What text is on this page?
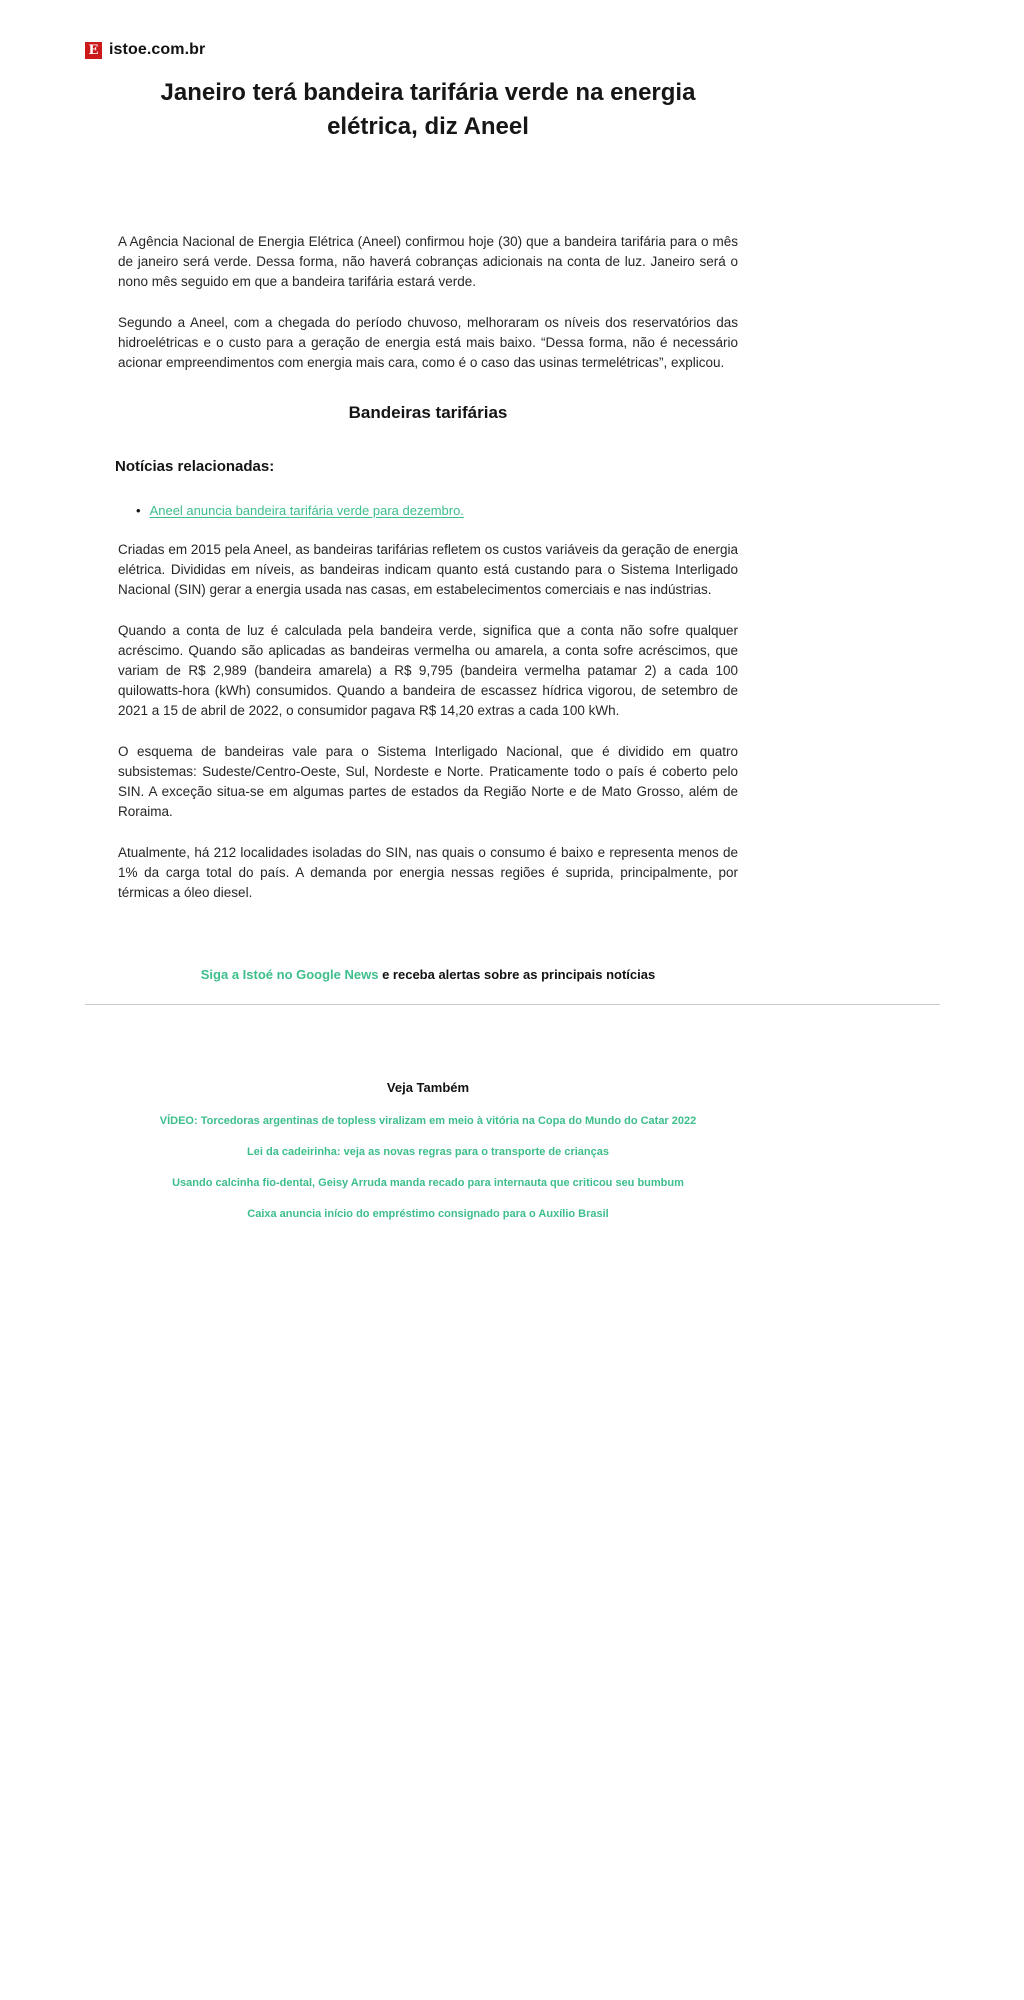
E istoe.com.br
Janeiro terá bandeira tarifária verde na energia elétrica, diz Aneel

A Agência Nacional de Energia Elétrica (Aneel) confirmou hoje (30) que a bandeira tarifária para o mês de janeiro será verde. Dessa forma, não haverá cobranças adicionais na conta de luz. Janeiro será o nono mês seguido em que a bandeira tarifária estará verde.

Segundo a Aneel, com a chegada do período chuvoso, melhoraram os níveis dos reservatórios das hidroelétricas e o custo para a geração de energia está mais baixo. “Dessa forma, não é necessário acionar empreendimentos com energia mais cara, como é o caso das usinas termelétricas”, explicou.

Bandeiras tarifárias
Notícias relacionadas:
• Aneel anuncia bandeira tarifária verde para dezembro.

Criadas em 2015 pela Aneel, as bandeiras tarifárias refletem os custos variáveis da geração de energia elétrica. Divididas em níveis, as bandeiras indicam quanto está custando para o Sistema Interligado Nacional (SIN) gerar a energia usada nas casas, em estabelecimentos comerciais e nas indústrias.

Quando a conta de luz é calculada pela bandeira verde, significa que a conta não sofre qualquer acréscimo. Quando são aplicadas as bandeiras vermelha ou amarela, a conta sofre acréscimos, que variam de R$ 2,989 (bandeira amarela) a R$ 9,795 (bandeira vermelha patamar 2) a cada 100 quilowatts-hora (kWh) consumidos. Quando a bandeira de escassez hídrica vigorou, de setembro de 2021 a 15 de abril de 2022, o consumidor pagava R$ 14,20 extras a cada 100 kWh.

O esquema de bandeiras vale para o Sistema Interligado Nacional, que é dividido em quatro subsistemas: Sudeste/Centro-Oeste, Sul, Nordeste e Norte. Praticamente todo o país é coberto pelo SIN. A exceção situa-se em algumas partes de estados da Região Norte e de Mato Grosso, além de Roraima.

Atualmente, há 212 localidades isoladas do SIN, nas quais o consumo é baixo e representa menos de 1% da carga total do país. A demanda por energia nessas regiões é suprida, principalmente, por térmicas a óleo diesel.

Siga a Istoé no Google News e receba alertas sobre as principais notícias
Veja Também
VÍDEO: Torcedoras argentinas de topless viralizam em meio à vitória na Copa do Mundo do Catar 2022
Lei da cadeirinha: veja as novas regras para o transporte de crianças
Usando calcinha fio-dental, Geisy Arruda manda recado para internauta que criticou seu bumbum
Caixa anuncia início do empréstimo consignado para o Auxílio Brasil
